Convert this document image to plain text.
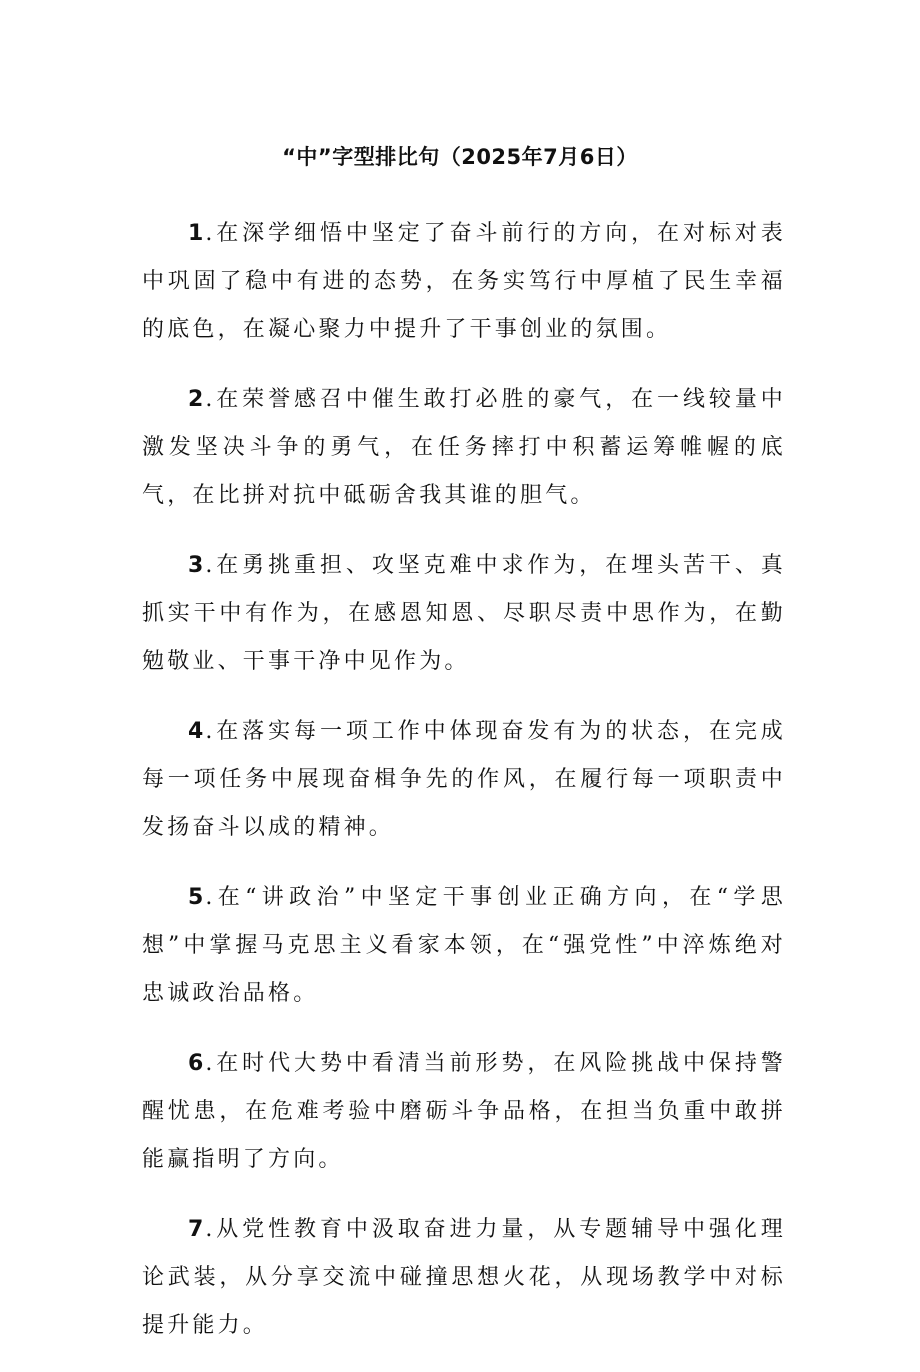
“中”字型排比句（2025年7月6日）

1.在深学细悟中坚定了奋斗前行的方向，在对标对表中巩固了稳中有进的态势，在务实笃行中厚植了民生幸福的底色，在凝心聚力中提升了干事创业的氛围。

2.在荣誉感召中催生敢打必胜的豪气，在一线较量中激发坚决斗争的勇气，在任务摔打中积蓄运筹帷幄的底气，在比拼对抗中砥砺舍我其谁的胆气。

3.在勇挑重担、攻坚克难中求作为，在埋头苦干、真抓实干中有作为，在感恩知恩、尽职尽责中思作为，在勤勉敬业、干事干净中见作为。

4.在落实每一项工作中体现奋发有为的状态，在完成每一项任务中展现奋楫争先的作风，在履行每一项职责中发扬奋斗以成的精神。

5.在“讲政治”中坚定干事创业正确方向，在“学思想”中掌握马克思主义看家本领，在“强党性”中淬炼绝对忠诚政治品格。

6.在时代大势中看清当前形势，在风险挑战中保持警醒忧患，在危难考验中磨砺斗争品格，在担当负重中敢拼能赢指明了方向。

7.从党性教育中汲取奋进力量，从专题辅导中强化理论武装，从分享交流中碰撞思想火花，从现场教学中对标提升能力。
